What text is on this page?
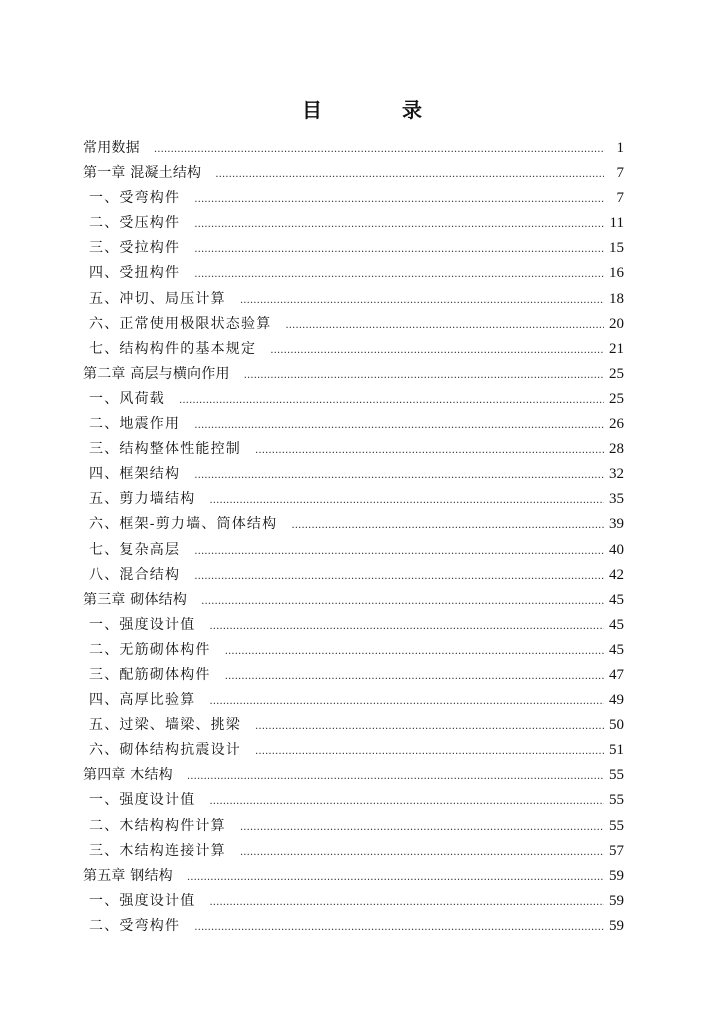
目　录
常用数据 ……………………………………………………………………………………………………………………………………………………	1
第一章 混凝土结构 ……………………………………………………………………………………………………………………………………………………	7
一、受弯构件 ……………………………………………………………………………………………………………………………………………………	7
二、受压构件 ……………………………………………………………………………………………………………………………………………………	11
三、受拉构件 ……………………………………………………………………………………………………………………………………………………	15
四、受扭构件 ……………………………………………………………………………………………………………………………………………………	16
五、冲切、局压计算 ……………………………………………………………………………………………………………………………………………………	18
六、正常使用极限状态验算 ……………………………………………………………………………………………………………………………………………………	20
七、结构构件的基本规定 ……………………………………………………………………………………………………………………………………………………	21
第二章 高层与横向作用 ……………………………………………………………………………………………………………………………………………………	25
一、风荷载 ……………………………………………………………………………………………………………………………………………………	25
二、地震作用 ……………………………………………………………………………………………………………………………………………………	26
三、结构整体性能控制 ……………………………………………………………………………………………………………………………………………………	28
四、框架结构 ……………………………………………………………………………………………………………………………………………………	32
五、剪力墙结构 ……………………………………………………………………………………………………………………………………………………	35
六、框架-剪力墙、筒体结构 ……………………………………………………………………………………………………………………………………………………	39
七、复杂高层 ……………………………………………………………………………………………………………………………………………………	40
八、混合结构 ……………………………………………………………………………………………………………………………………………………	42
第三章 砌体结构 ……………………………………………………………………………………………………………………………………………………	45
一、强度设计值 ……………………………………………………………………………………………………………………………………………………	45
二、无筋砌体构件 ……………………………………………………………………………………………………………………………………………………	45
三、配筋砌体构件 ……………………………………………………………………………………………………………………………………………………	47
四、高厚比验算 ……………………………………………………………………………………………………………………………………………………	49
五、过梁、墙梁、挑梁 ……………………………………………………………………………………………………………………………………………………	50
六、砌体结构抗震设计 ……………………………………………………………………………………………………………………………………………………	51
第四章 木结构 ……………………………………………………………………………………………………………………………………………………	55
一、强度设计值 ……………………………………………………………………………………………………………………………………………………	55
二、木结构构件计算 ……………………………………………………………………………………………………………………………………………………	55
三、木结构连接计算 ……………………………………………………………………………………………………………………………………………………	57
第五章 钢结构 ……………………………………………………………………………………………………………………………………………………	59
一、强度设计值 ……………………………………………………………………………………………………………………………………………………	59
二、受弯构件 ……………………………………………………………………………………………………………………………………………………	59
